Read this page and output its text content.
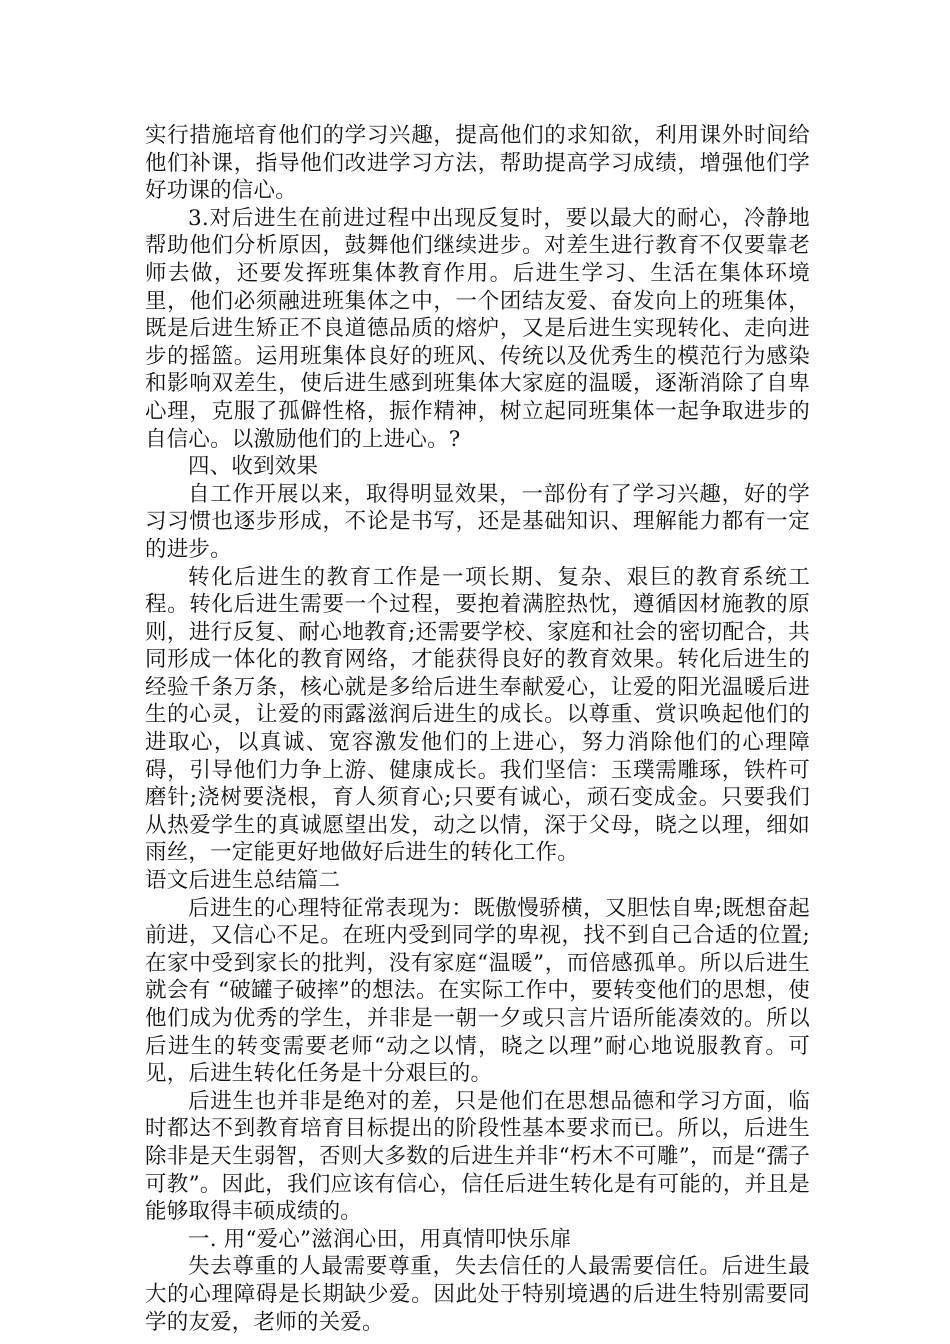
实行措施培育他们的学习兴趣，提高他们的求知欲，利用课外时间给他们补课，指导他们改进学习方法，帮助提高学习成绩，增强他们学好功课的信心。

3.对后进生在前进过程中出现反复时，要以最大的耐心，冷静地帮助他们分析原因，鼓舞他们继续进步。对差生进行教育不仅要靠老师去做，还要发挥班集体教育作用。后进生学习、生活在集体环境里，他们必须融进班集体之中，一个团结友爱、奋发向上的班集体，既是后进生矫正不良道德品质的熔炉，又是后进生实现转化、走向进步的摇篮。运用班集体良好的班风、传统以及优秀生的模范行为感染和影响双差生，使后进生感到班集体大家庭的温暖，逐渐消除了自卑心理，克服了孤僻性格，振作精神，树立起同班集体一起争取进步的自信心。以激励他们的上进心。?

四、收到效果

自工作开展以来，取得明显效果，一部份有了学习兴趣，好的学习习惯也逐步形成，不论是书写，还是基础知识、理解能力都有一定的进步。

转化后进生的教育工作是一项长期、复杂、艰巨的教育系统工程。转化后进生需要一个过程，要抱着满腔热忱，遵循因材施教的原则，进行反复、耐心地教育;还需要学校、家庭和社会的密切配合，共同形成一体化的教育网络，才能获得良好的教育效果。转化后进生的经验千条万条，核心就是多给后进生奉献爱心，让爱的阳光温暖后进生的心灵，让爱的雨露滋润后进生的成长。以尊重、赏识唤起他们的进取心，以真诚、宽容激发他们的上进心，努力消除他们的心理障碍，引导他们力争上游、健康成长。我们坚信：玉璞需雕琢，铁杵可磨针;浇树要浇根，育人须育心;只要有诚心，顽石变成金。只要我们从热爱学生的真诚愿望出发，动之以情，深于父母，晓之以理，细如雨丝，一定能更好地做好后进生的转化工作。

语文后进生总结篇二

后进生的心理特征常表现为：既傲慢骄横，又胆怯自卑;既想奋起前进，又信心不足。在班内受到同学的卑视，找不到自己合适的位置;在家中受到家长的批判，没有家庭“温暖”，而倍感孤单。所以后进生就会有 “破罐子破摔”的想法。在实际工作中，要转变他们的思想，使他们成为优秀的学生，并非是一朝一夕或只言片语所能凑效的。所以后进生的转变需要老师“动之以情，晓之以理”耐心地说服教育。可见，后进生转化任务是十分艰巨的。

后进生也并非是绝对的差，只是他们在思想品德和学习方面，临时都达不到教育培育目标提出的阶段性基本要求而已。所以，后进生除非是天生弱智，否则大多数的后进生并非“朽木不可雕”，而是“孺子可教”。因此，我们应该有信心，信任后进生转化是有可能的，并且是能够取得丰硕成绩的。

一. 用“爱心”滋润心田，用真情叩快乐扉

失去尊重的人最需要尊重，失去信任的人最需要信任。后进生最大的心理障碍是长期缺少爱。因此处于特别境遇的后进生特别需要同学的友爱，老师的关爱。
